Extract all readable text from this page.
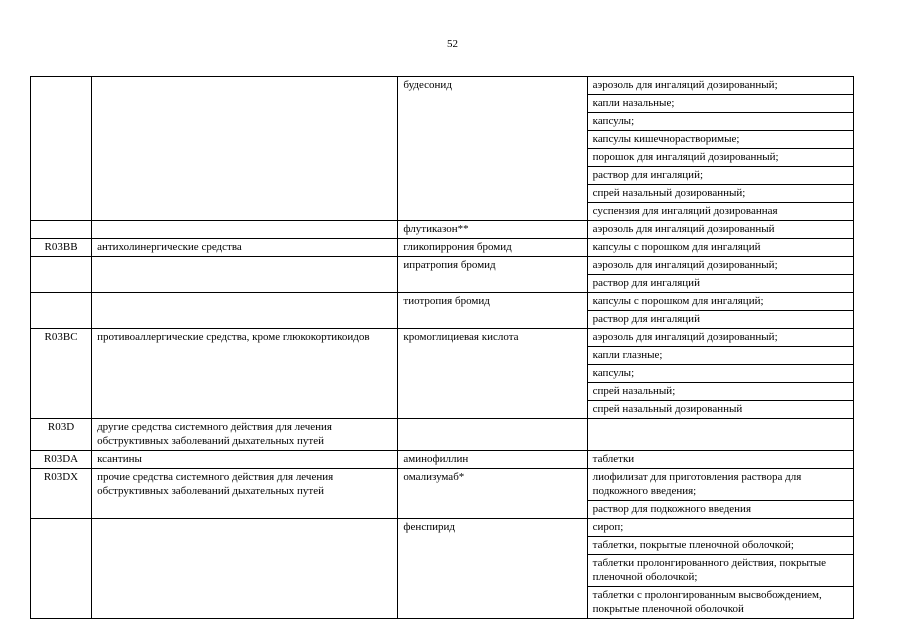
52
		будесонид	аэрозоль для ингаляций дозированный;
			капли назальные;
			капсулы;
			капсулы кишечнорастворимые;
			порошок для ингаляций дозированный;
			раствор для ингаляций;
			спрей назальный дозированный;
			суспензия для ингаляций дозированная
		флутиказон**	аэрозоль для ингаляций дозированный
R03BB	антихолинергические средства	гликопиррония бромид	капсулы с порошком для ингаляций
		ипратропия бромид	аэрозоль для ингаляций дозированный;
			раствор для ингаляций
		тиотропия бромид	капсулы с порошком для ингаляций;
			раствор для ингаляций
R03BC	противоаллергические средства, кроме глюкокортикоидов	кромоглициевая кислота	аэрозоль для ингаляций дозированный;
			капли глазные;
			капсулы;
			спрей назальный;
			спрей назальный дозированный
R03D	другие средства системного действия для лечения обструктивных заболеваний дыхательных путей		
R03DA	ксантины	аминофиллин	таблетки
R03DX	прочие средства системного действия для лечения обструктивных заболеваний дыхательных путей	омализумаб*	лиофилизат для приготовления раствора для подкожного введения;
			раствор для подкожного введения
		фенспирид	сироп;
			таблетки, покрытые пленочной оболочкой;
			таблетки пролонгированного действия, покрытые пленочной оболочкой;
			таблетки с пролонгированным высвобождением, покрытые пленочной оболочкой
